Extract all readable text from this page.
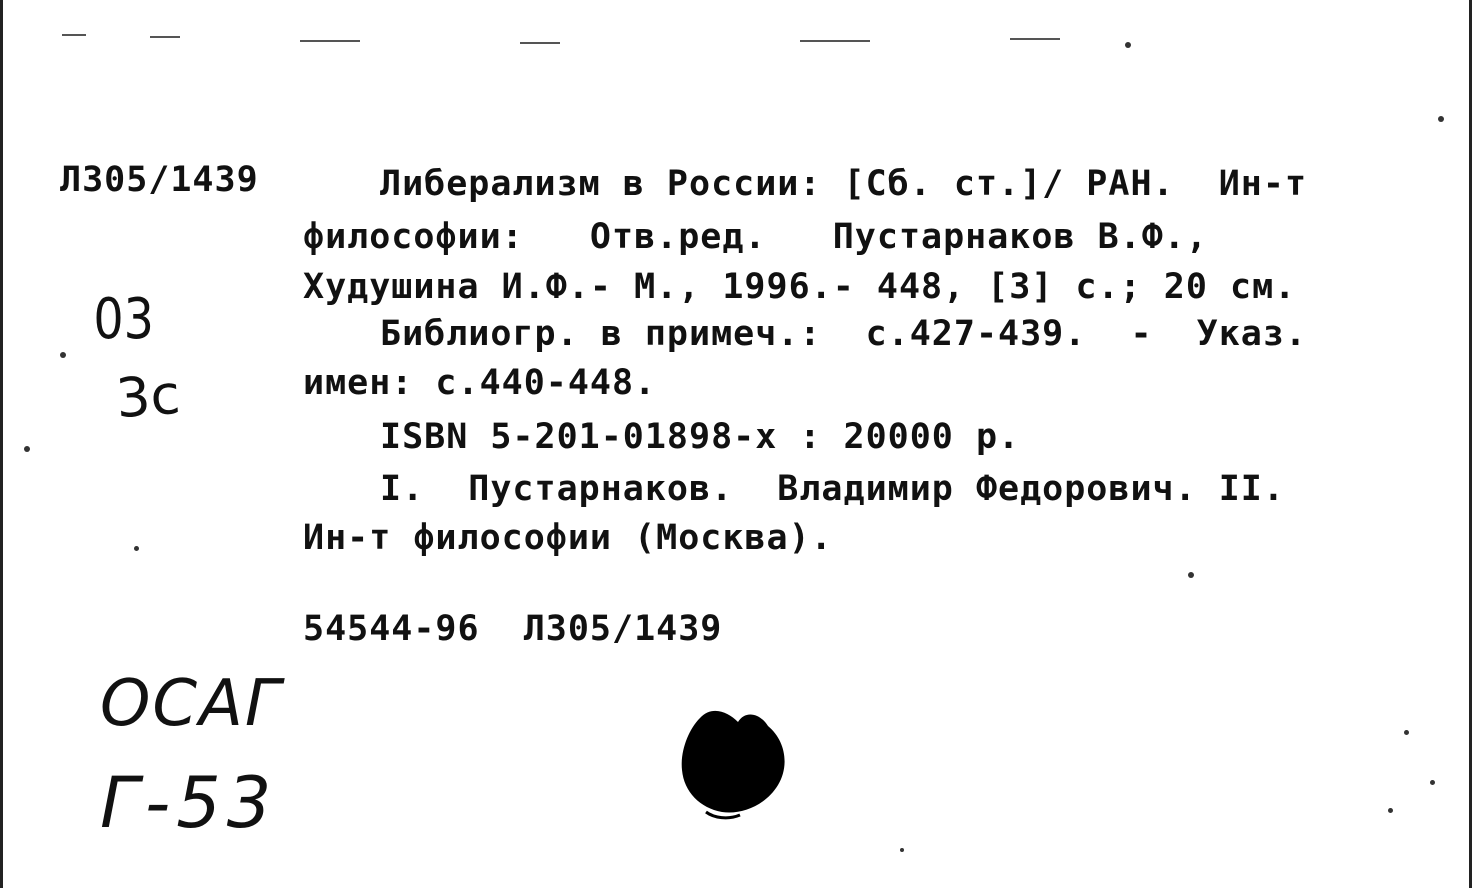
Л305/1439	Либерализм в России: [Сб. ст.]/ РАН.  Ин-т
философии:   Отв.ред.   Пустарнаков В.Ф.,
Худушина И.Ф.- М., 1996.- 448, [3] с.; 20 см.
Библиогр. в примеч.:  с.427-439.  -  Указ.
имен: с.440-448.
ISBN 5-201-01898-х : 20000 р.
I.  Пустарнаков.  Владимир Федорович. II.
Ин-т философии (Москва).
54544-96  Л305/1439
03
3с
ОСАГ
Г-53
